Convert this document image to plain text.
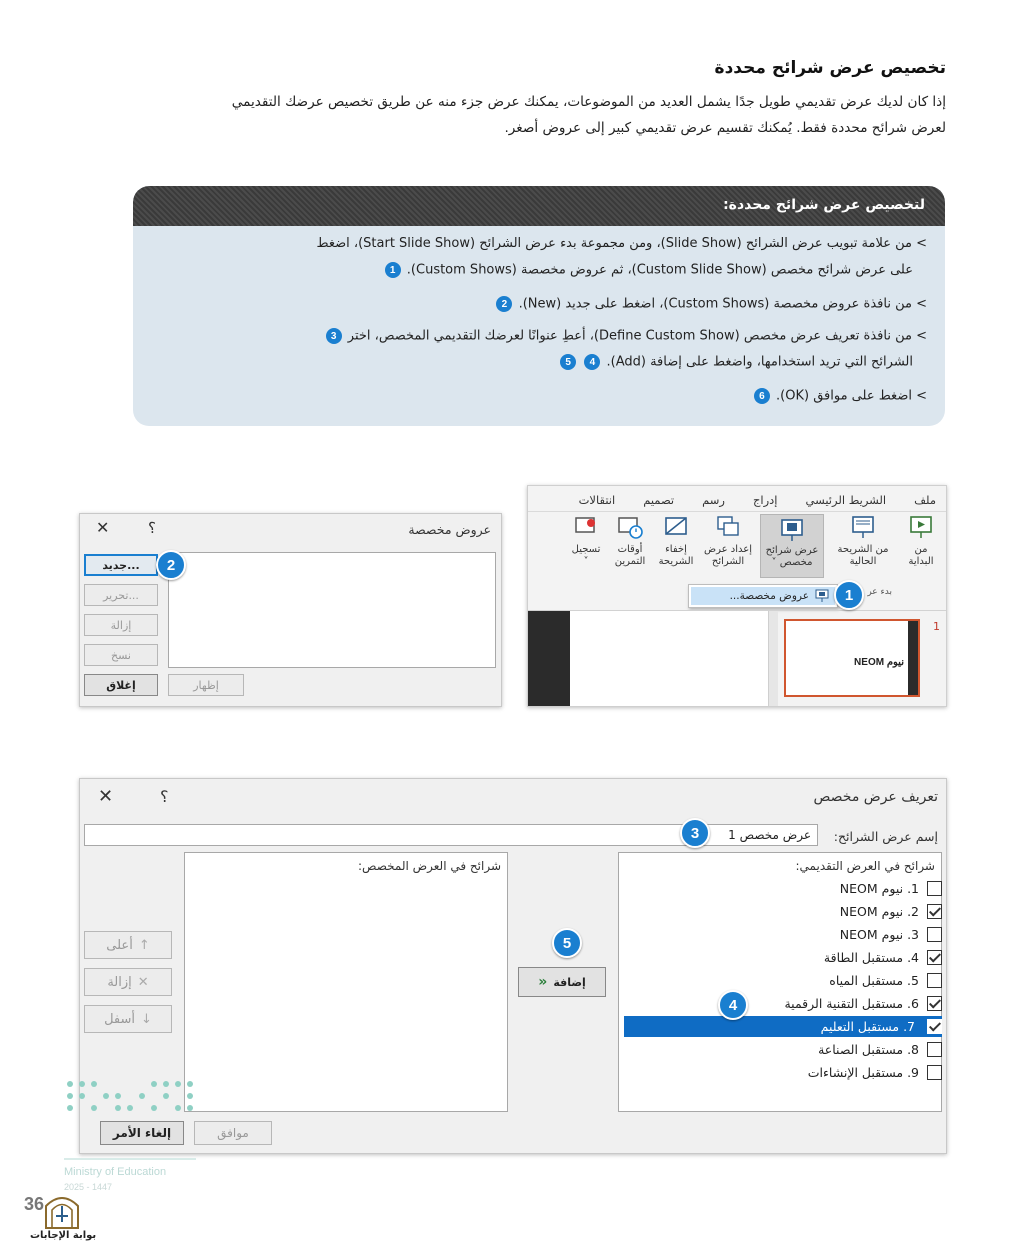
تخصيص عرض شرائح محددة
إذا كان لديك عرض تقديمي طويل جدًا يشمل العديد من الموضوعات، يمكنك عرض جزء منه عن طريق تخصيص عرضك التقديمي
لعرض شرائح محددة فقط. يُمكنك تقسيم عرض تقديمي كبير إلى عروض أصغر.
لتخصيص عرض شرائح محددة:
> من علامة تبويب عرض الشرائح (Slide Show)، ومن مجموعة بدء عرض الشرائح (Start Slide Show)، اضغط
على عرض شرائح مخصص (Custom Slide Show)، ثم عروض مخصصة (Custom Shows). 1
> من نافذة عروض مخصصة (Custom Shows)، اضغط على جديد (New). 2
> من نافذة تعريف عرض مخصص (Define Custom Show)، أعطِ عنوانًا لعرضك التقديمي المخصص، اختر 3
الشرائح التي تريد استخدامها، واضغط على إضافة (Add). 4 5
> اضغط على موافق (OK). 6
ملف
الشريط الرئيسي
إدراج
رسم
تصميم
انتقالات
من
البداية
من الشريحة
الحالية
عرض شرائح
مخصص ˅
إعداد عرض
الشرائح
إخفاء
الشريحة
أوقات
التمرين
تسجيل
˅
بدء عر
عروض مخصصة...
1
NEOM نيوم
1
عروض مخصصة
؟
✕
جديد...
تحرير...
إزالة
نسخ
إغلاق	إظهار
2
تعريف عرض مخصص
؟
✕
إسم عرض الشرائح:
عرض مخصص 1
شرائح في العرض التقديمي:
شرائح في العرض المخصص:
إضافة
«
↑
أعلى
✕
إزالة
↓
أسفل
موافق
إلغاء الأمر
1. نيوم NEOM
2. نيوم NEOM
3. نيوم NEOM
4. مستقبل الطاقة
5. مستقبل المياه
6. مستقبل التقنية الرقمية
7. مستقبل التعليم
8. مستقبل الصناعة
9. مستقبل الإنشاءات
3
4
5
Ministry of Education
2025 - 1447
36
بوابة الإجابات
